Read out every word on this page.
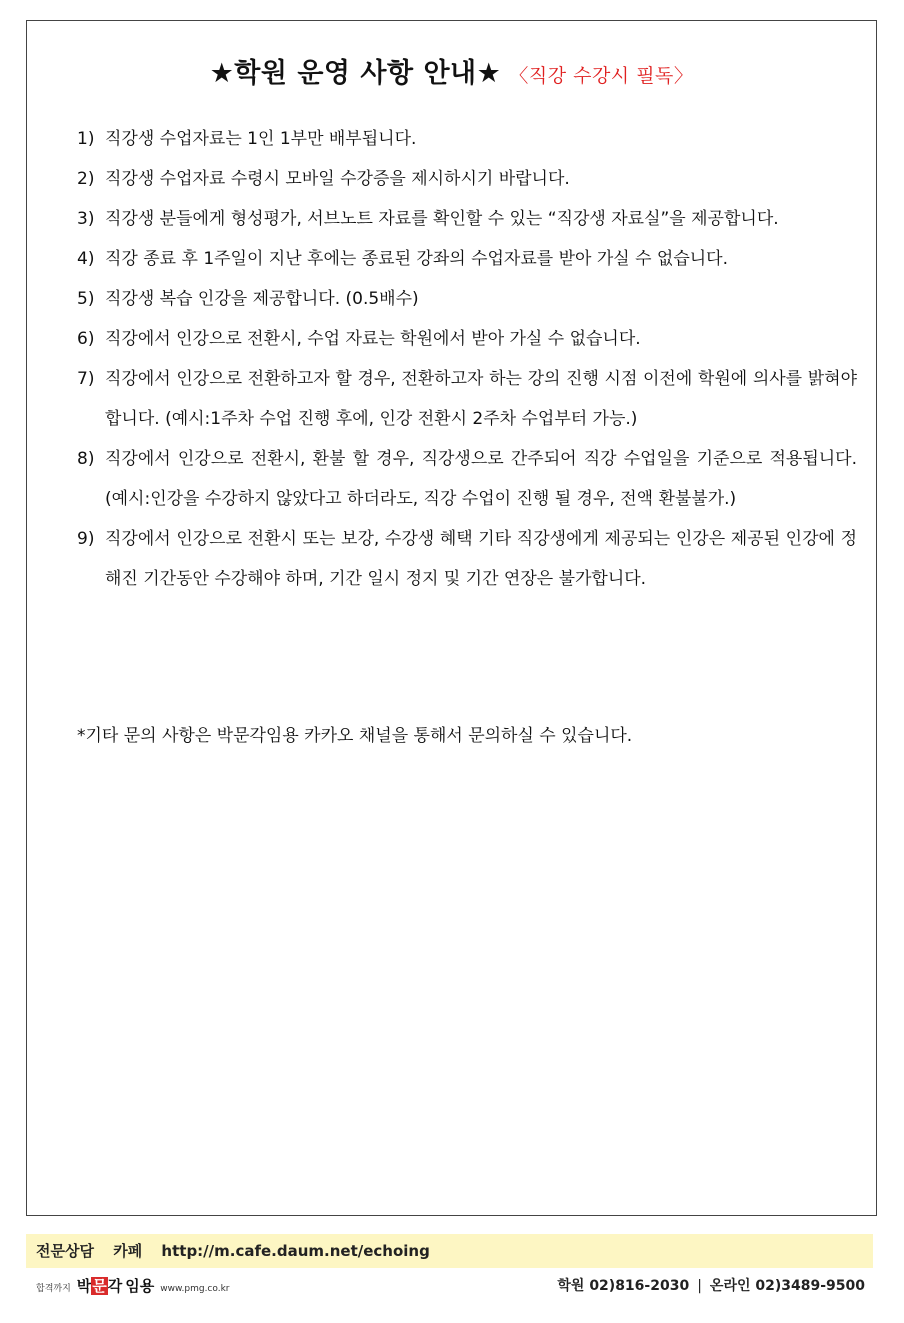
★학원 운영 사항 안내★ 〈직강 수강시 필독〉
1) 직강생 수업자료는 1인 1부만 배부됩니다.
2) 직강생 수업자료 수령시 모바일 수강증을 제시하시기 바랍니다.
3) 직강생 분들에게 형성평가, 서브노트 자료를 확인할 수 있는 “직강생 자료실”을 제공합니다.
4) 직강 종료 후 1주일이 지난 후에는 종료된 강좌의 수업자료를 받아 가실 수 없습니다.
5) 직강생 복습 인강을 제공합니다. (0.5배수)
6) 직강에서 인강으로 전환시, 수업 자료는 학원에서 받아 가실 수 없습니다.
7) 직강에서 인강으로 전환하고자 할 경우, 전환하고자 하는 강의 진행 시점 이전에 학원에 의사를 밝혀야 합니다. (예시:1주차 수업 진행 후에, 인강 전환시 2주차 수업부터 가능.)
8) 직강에서 인강으로 전환시, 환불 할 경우, 직강생으로 간주되어 직강 수업일을 기준으로 적용됩니다. (예시:인강을 수강하지 않았다고 하더라도, 직강 수업이 진행 될 경우, 전액 환불불가.)
9) 직강에서 인강으로 전환시 또는 보강, 수강생 혜택 기타 직강생에게 제공되는 인강은 제공된 인강에 정해진 기간동안 수강해야 하며, 기간 일시 정지 및 기간 연장은 불가합니다.
*기타 문의 사항은 박문각임용 카카오 채널을 통해서 문의하실 수 있습니다.
전문상담 카페 http://m.cafe.daum.net/echoing
합격까지 박문각 임용 www.pmg.co.kr	학원 02)816-2030 | 온라인 02)3489-9500
